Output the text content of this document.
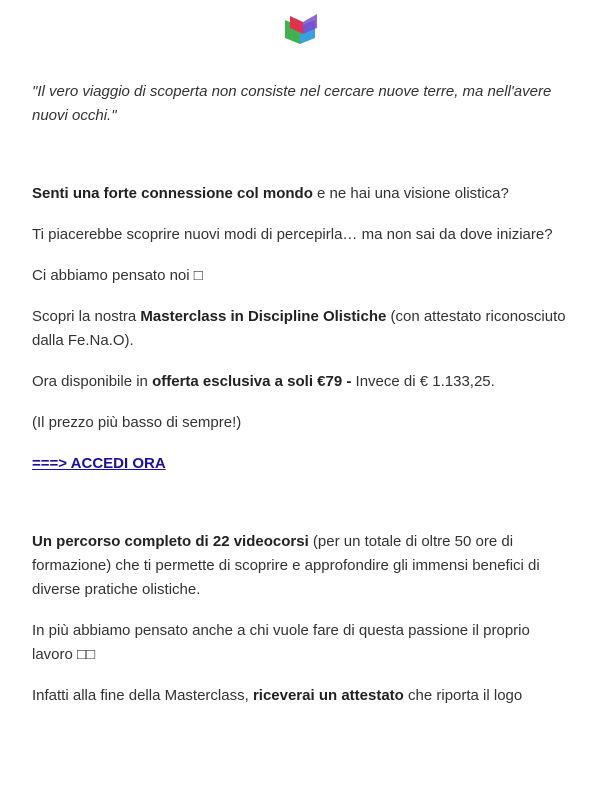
"Il vero viaggio di scoperta non consiste nel cercare nuove terre, ma nell'avere nuovi occhi."

Senti una forte connessione col mondo e ne hai una visione olistica?

Ti piacerebbe scoprire nuovi modi di percepirla… ma non sai da dove iniziare?

Ci abbiamo pensato noi □

Scopri la nostra Masterclass in Discipline Olistiche (con attestato riconosciuto dalla Fe.Na.O).

Ora disponibile in offerta esclusiva a soli €79 - Invece di € 1.133,25.

(Il prezzo più basso di sempre!)

===> ACCEDI ORA

Un percorso completo di 22 videocorsi (per un totale di oltre 50 ore di formazione) che ti permette di scoprire e approfondire gli immensi benefici di diverse pratiche olistiche.

In più abbiamo pensato anche a chi vuole fare di questa passione il proprio lavoro □□

Infatti alla fine della Masterclass, riceverai un attestato che riporta il logo
